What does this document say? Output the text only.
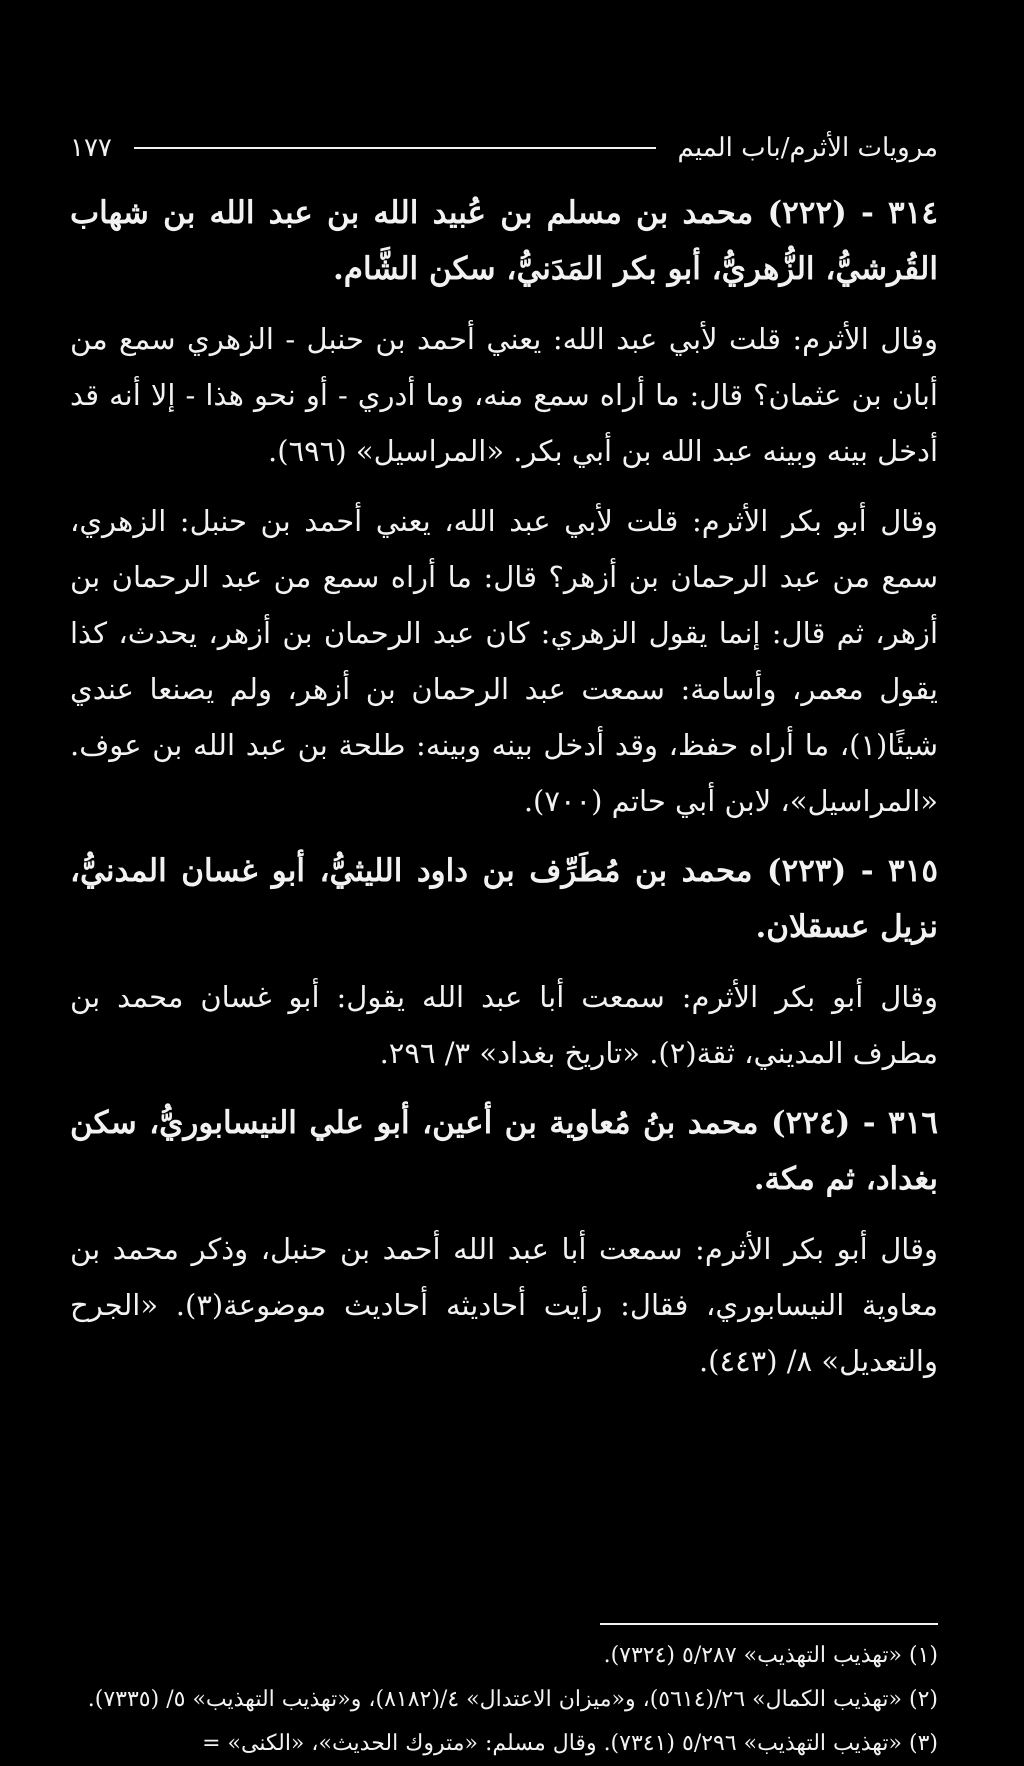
١٧٧	مرويات الأثرم/باب الميم

٣١٤ - (٢٢٢) محمد بن مسلم بن عُبيد الله بن عبد الله بن شهاب القُرشيُّ، الزُّهريُّ، أبو بكر المَدَنيُّ، سكن الشَّام.

وقال الأثرم: قلت لأبي عبد الله: يعني أحمد بن حنبل - الزهري سمع من أبان بن عثمان؟ قال: ما أراه سمع منه، وما أدري - أو نحو هذا - إلا أنه قد أدخل بينه وبينه عبد الله بن أبي بكر. «المراسيل» (٦٩٦).

وقال أبو بكر الأثرم: قلت لأبي عبد الله، يعني أحمد بن حنبل: الزهري، سمع من عبد الرحمان بن أزهر؟ قال: ما أراه سمع من عبد الرحمان بن أزهر، ثم قال: إنما يقول الزهري: كان عبد الرحمان بن أزهر، يحدث، كذا يقول معمر، وأسامة: سمعت عبد الرحمان بن أزهر، ولم يصنعا عندي شيئًا(١)، ما أراه حفظ، وقد أدخل بينه وبينه: طلحة بن عبد الله بن عوف. «المراسيل»، لابن أبي حاتم (٧٠٠).

٣١٥ - (٢٢٣) محمد بن مُطَرِّف بن داود الليثيُّ، أبو غسان المدنيُّ، نزيل عسقلان.

وقال أبو بكر الأثرم: سمعت أبا عبد الله يقول: أبو غسان محمد بن مطرف المديني، ثقة(٢). «تاريخ بغداد» ٣/ ٢٩٦.

٣١٦ - (٢٢٤) محمد بنُ مُعاوية بن أعين، أبو علي النيسابوريُّ، سكن بغداد، ثم مكة.

وقال أبو بكر الأثرم: سمعت أبا عبد الله أحمد بن حنبل، وذكر محمد بن معاوية النيسابوري، فقال: رأيت أحاديثه أحاديث موضوعة(٣). «الجرح والتعديل» ٨/ (٤٤٣).

(١) «تهذيب التهذيب» ٥/٢٨٧ (٧٣٢٤).

(٢) «تهذيب الكمال» ٢٦/(٥٦١٤)، و«ميزان الاعتدال» ٤/(٨١٨٢)، و«تهذيب التهذيب» ٥/ (٧٣٣٥).

(٣) «تهذيب التهذيب» ٥/٢٩٦ (٧٣٤١). وقال مسلم: «متروك الحديث»، «الكنى» =
